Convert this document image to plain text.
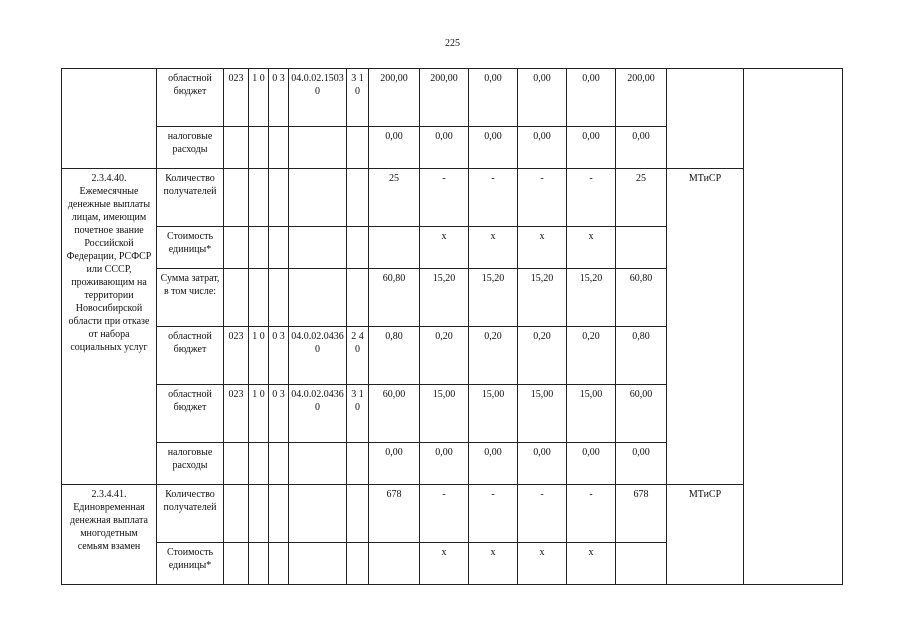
225
	областной бюджет	023	1 0	0 3	04.0.02.15030	3 1 0	200,00	200,00	0,00	0,00	0,00	200,00		
	налоговые расходы						0,00	0,00	0,00	0,00	0,00	0,00		
2.3.4.40. Ежемесячные денежные выплаты лицам, имеющим почетное звание Российской Федерации, РСФСР или СССР, проживающим на территории Новосибирской области при отказе от набора социальных услуг	Количество получателей						25	-	-	-	-	25	МТиСР	
	Стоимость единицы*							x	x	x	x			
	Сумма затрат, в том числе:						60,80	15,20	15,20	15,20	15,20	60,80		
	областной бюджет	023	1 0	0 3	04.0.02.04360	2 4 0	0,80	0,20	0,20	0,20	0,20	0,80		
	областной бюджет	023	1 0	0 3	04.0.02.04360	3 1 0	60,00	15,00	15,00	15,00	15,00	60,00		
	налоговые расходы						0,00	0,00	0,00	0,00	0,00	0,00		
2.3.4.41. Единовременная денежная выплата многодетным семьям взамен	Количество получателей						678	-	-	-	-	678	МТиСР	
	Стоимость единицы*							x	x	x	x			
